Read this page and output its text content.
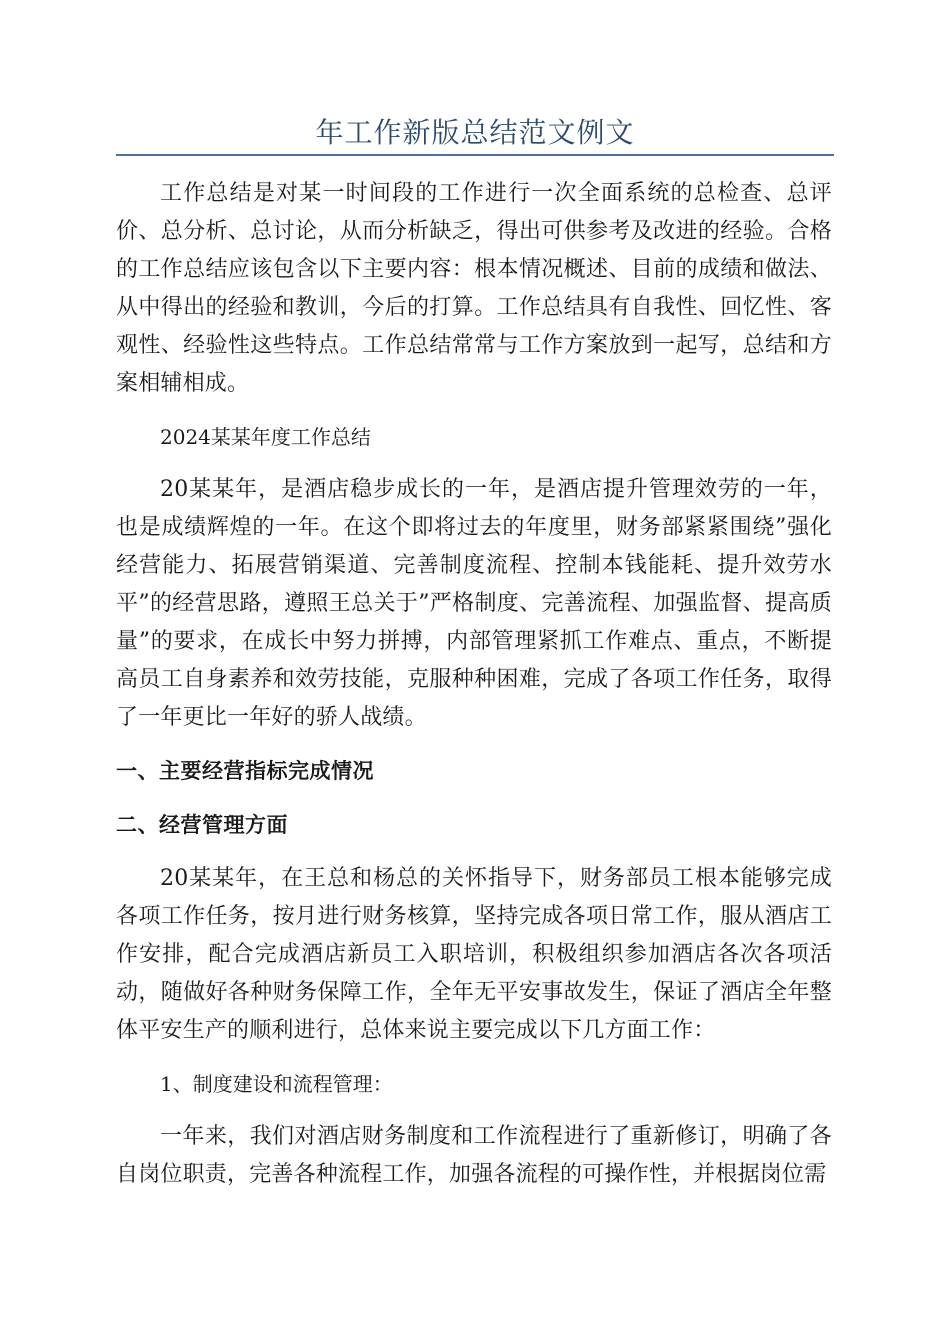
年工作新版总结范文例文

工作总结是对某一时间段的工作进行一次全面系统的总检查、总评价、总分析、总讨论，从而分析缺乏，得出可供参考及改进的经验。合格的工作总结应该包含以下主要内容：根本情况概述、目前的成绩和做法、从中得出的经验和教训，今后的打算。工作总结具有自我性、回忆性、客观性、经验性这些特点。工作总结常常与工作方案放到一起写，总结和方案相辅相成。

2024某某年度工作总结

20某某年，是酒店稳步成长的一年，是酒店提升管理效劳的一年，也是成绩辉煌的一年。在这个即将过去的年度里，财务部紧紧围绕”强化经营能力、拓展营销渠道、完善制度流程、控制本钱能耗、提升效劳水平”的经营思路，遵照王总关于”严格制度、完善流程、加强监督、提高质量”的要求，在成长中努力拼搏，内部管理紧抓工作难点、重点，不断提高员工自身素养和效劳技能，克服种种困难，完成了各项工作任务，取得了一年更比一年好的骄人战绩。

一、主要经营指标完成情况

二、经营管理方面

20某某年，在王总和杨总的关怀指导下，财务部员工根本能够完成各项工作任务，按月进行财务核算，坚持完成各项日常工作，服从酒店工作安排，配合完成酒店新员工入职培训，积极组织参加酒店各次各项活动，随做好各种财务保障工作，全年无平安事故发生，保证了酒店全年整体平安生产的顺利进行，总体来说主要完成以下几方面工作：

1、制度建设和流程管理：

一年来，我们对酒店财务制度和工作流程进行了重新修订，明确了各自岗位职责，完善各种流程工作，加强各流程的可操作性，并根据岗位需
